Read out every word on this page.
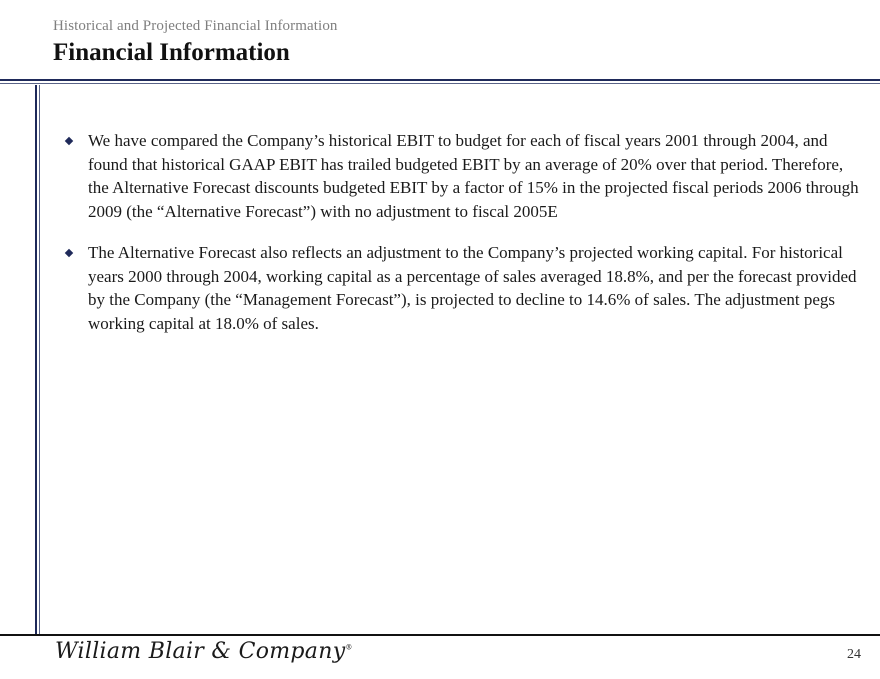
Historical and Projected Financial Information
Financial Information
We have compared the Company’s historical EBIT to budget for each of fiscal years 2001 through 2004, and found that historical GAAP EBIT has trailed budgeted EBIT by an average of 20% over that period. Therefore, the Alternative Forecast discounts budgeted EBIT by a factor of 15% in the projected fiscal periods 2006 through 2009 (the “Alternative Forecast”) with no adjustment to fiscal 2005E
The Alternative Forecast also reflects an adjustment to the Company’s projected working capital. For historical years 2000 through 2004, working capital as a percentage of sales averaged 18.8%, and per the forecast provided by the Company (the “Management Forecast”), is projected to decline to 14.6% of sales. The adjustment pegs working capital at 18.0% of sales.
William Blair & Company®	24
